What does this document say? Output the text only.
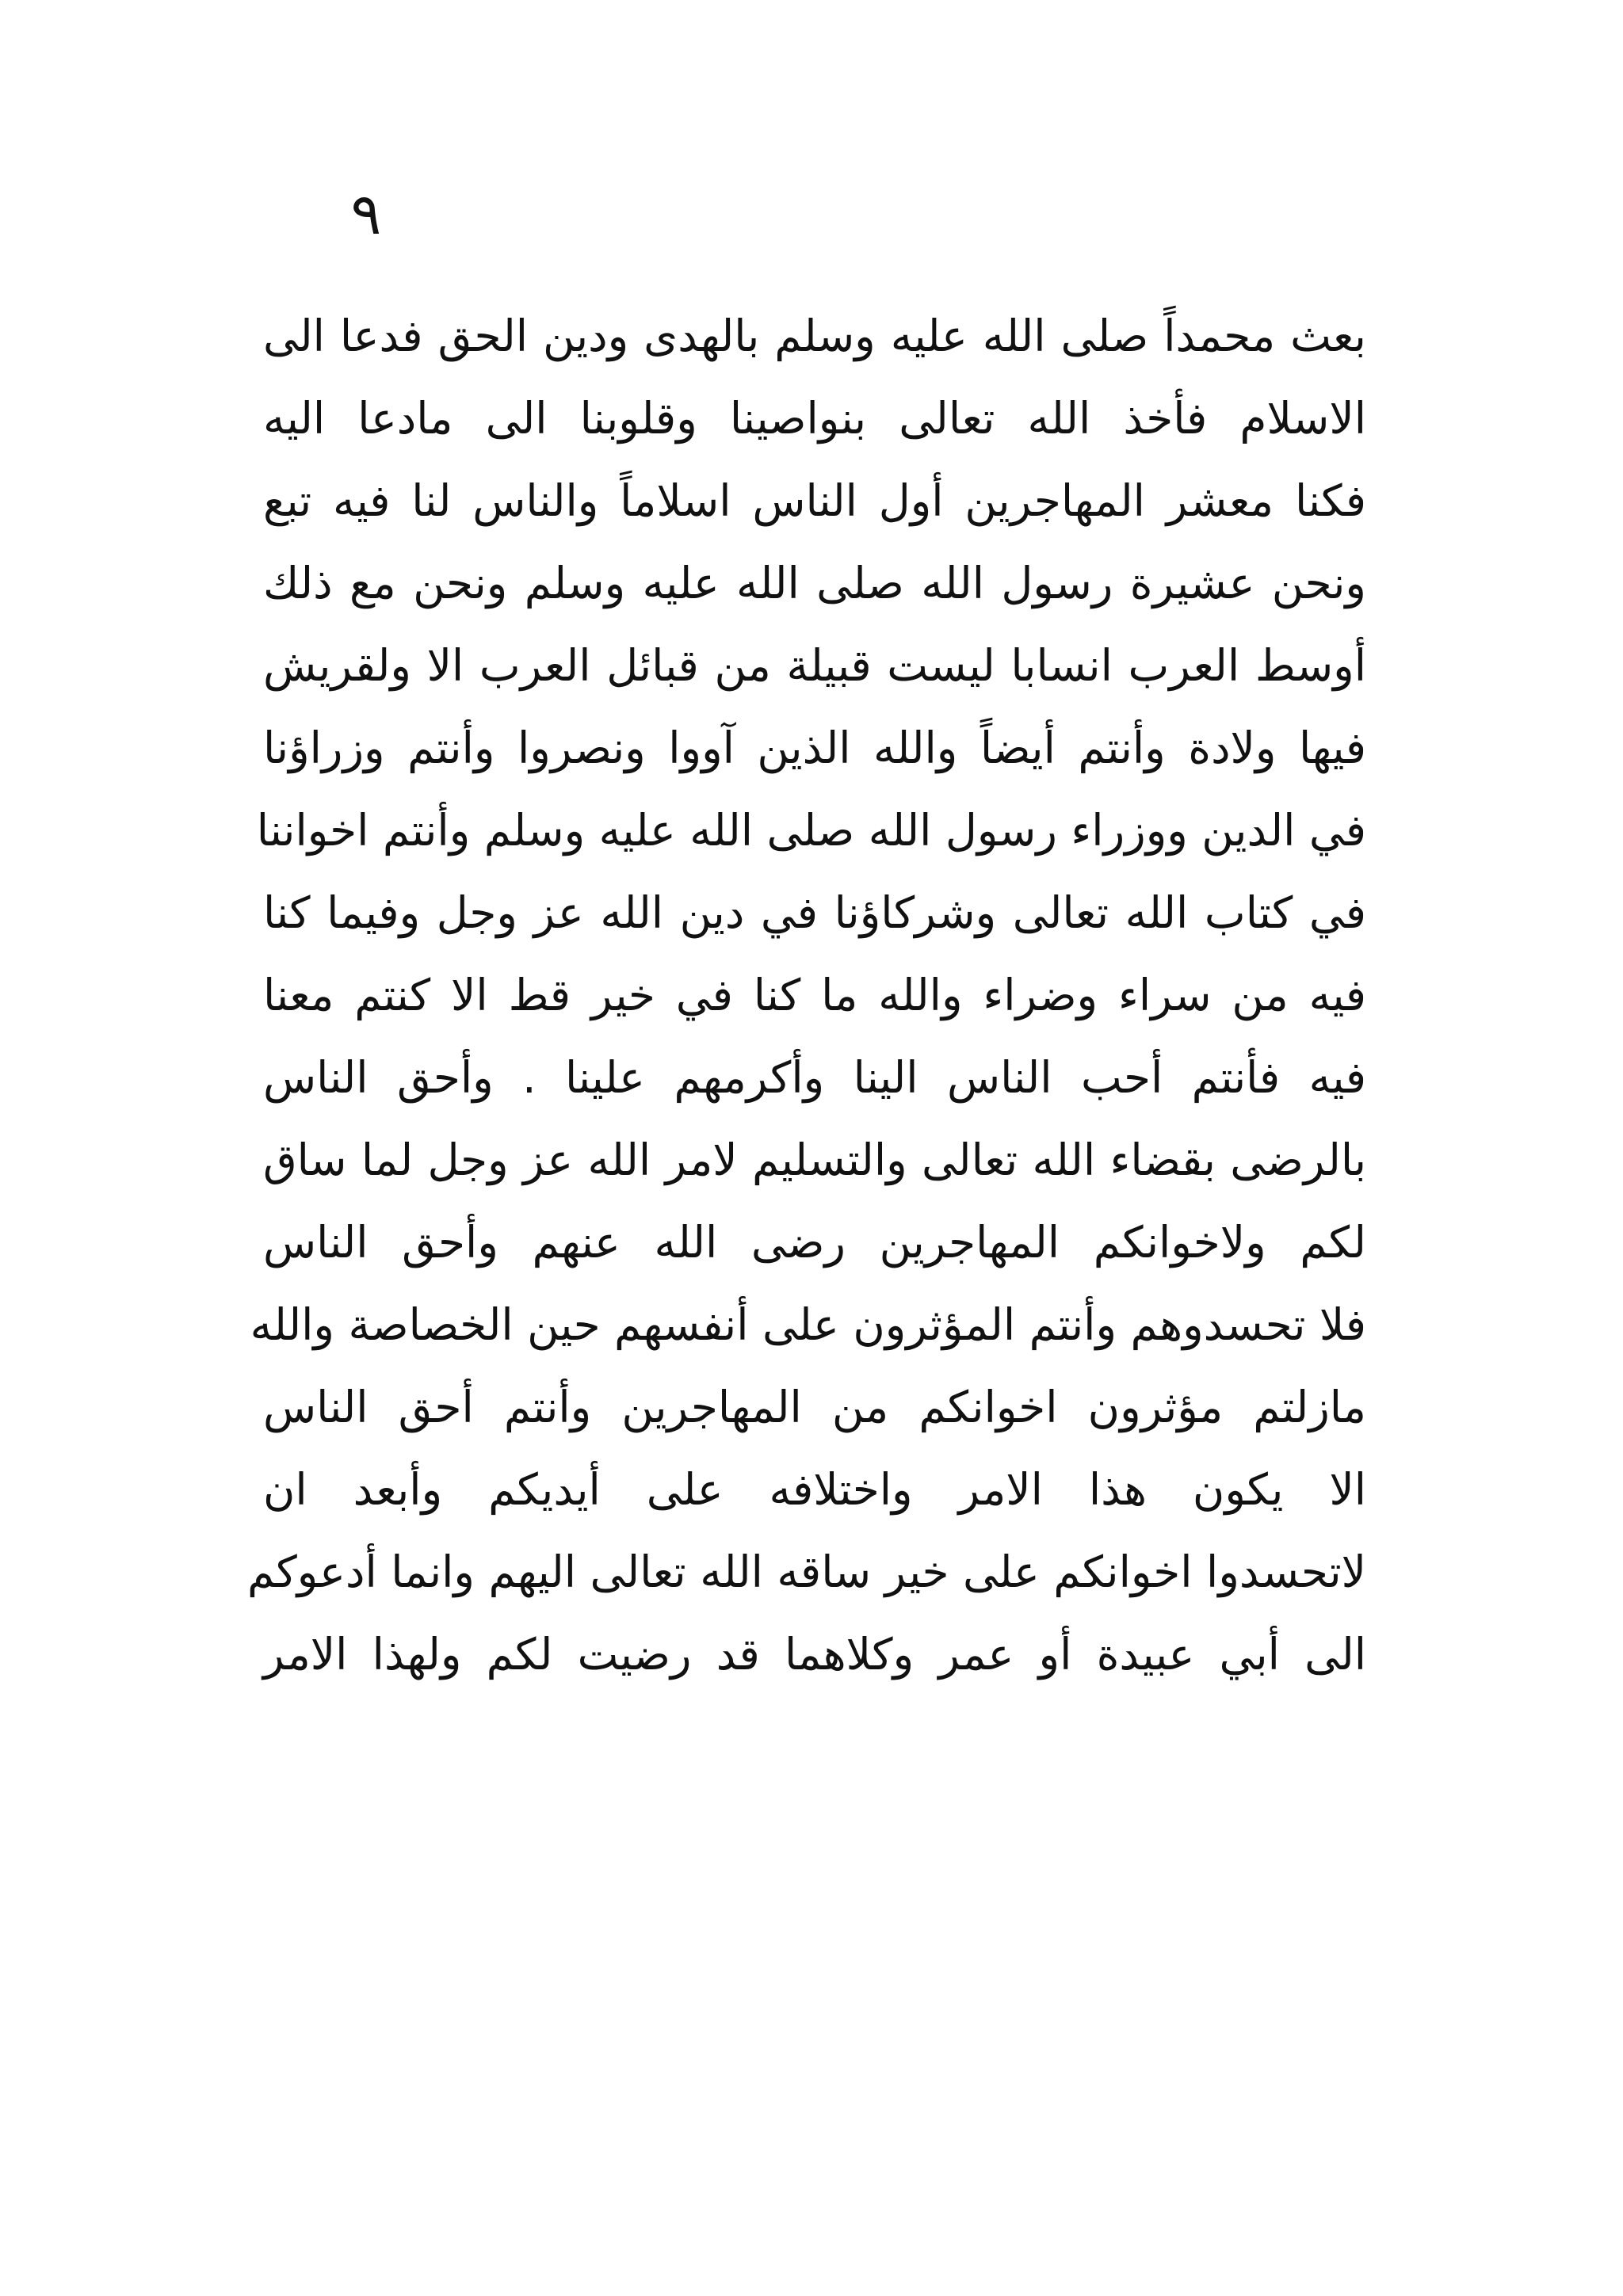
٩
بعث محمداً صلى الله عليه وسلم بالهدى ودين الحق فدعا الى
الاسلام فأخذ الله تعالى بنواصينا وقلوبنا الى مادعا اليه
فكنا معشر المهاجرين أول الناس اسلاماً والناس لنا فيه تبع
ونحن عشيرة رسول الله صلى الله عليه وسلم ونحن مع ذلك
أوسط العرب انسابا ليست قبيلة من قبائل العرب الا ولقريش
فيها ولادة وأنتم أيضاً والله الذين آووا ونصروا وأنتم وزراؤنا
في الدين ووزراء رسول الله صلى الله عليه وسلم وأنتم اخواننا
في كتاب الله تعالى وشركاؤنا في دين الله عز وجل وفيما كنا
فيه من سراء وضراء والله ما كنا في خير قط الا كنتم معنا
فيه فأنتم أحب الناس الينا وأكرمهم علينا . وأحق الناس
بالرضى بقضاء الله تعالى والتسليم لامر الله عز وجل لما ساق
لكم ولاخوانكم المهاجرين رضى الله عنهم وأحق الناس
فلا تحسدوهم وأنتم المؤثرون على أنفسهم حين الخصاصة والله
مازلتم مؤثرون اخوانكم من المهاجرين وأنتم أحق الناس
الا يكون هذا الامر واختلافه على أيديكم وأبعد ان
لاتحسدوا اخوانكم على خير ساقه الله تعالى اليهم وانما أدعوكم
الى أبي عبيدة أو عمر وكلاهما قد رضيت لكم ولهذا الامر
